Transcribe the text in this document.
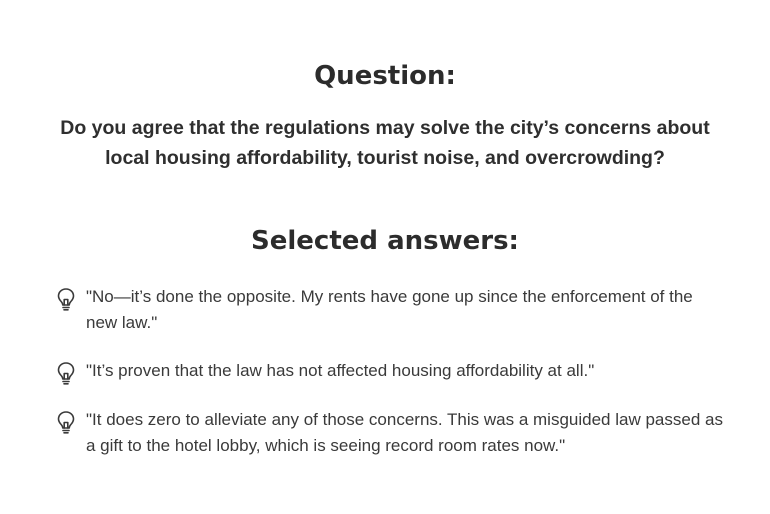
Question:

Do you agree that the regulations may solve the city’s concerns about local housing affordability, tourist noise, and overcrowding?

Selected answers:
"No—it’s done the opposite. My rents have gone up since the enforcement of the new law."
"It’s proven that the law has not affected housing affordability at all."
"It does zero to alleviate any of those concerns. This was a misguided law passed as a gift to the hotel lobby, which is seeing record room rates now."
